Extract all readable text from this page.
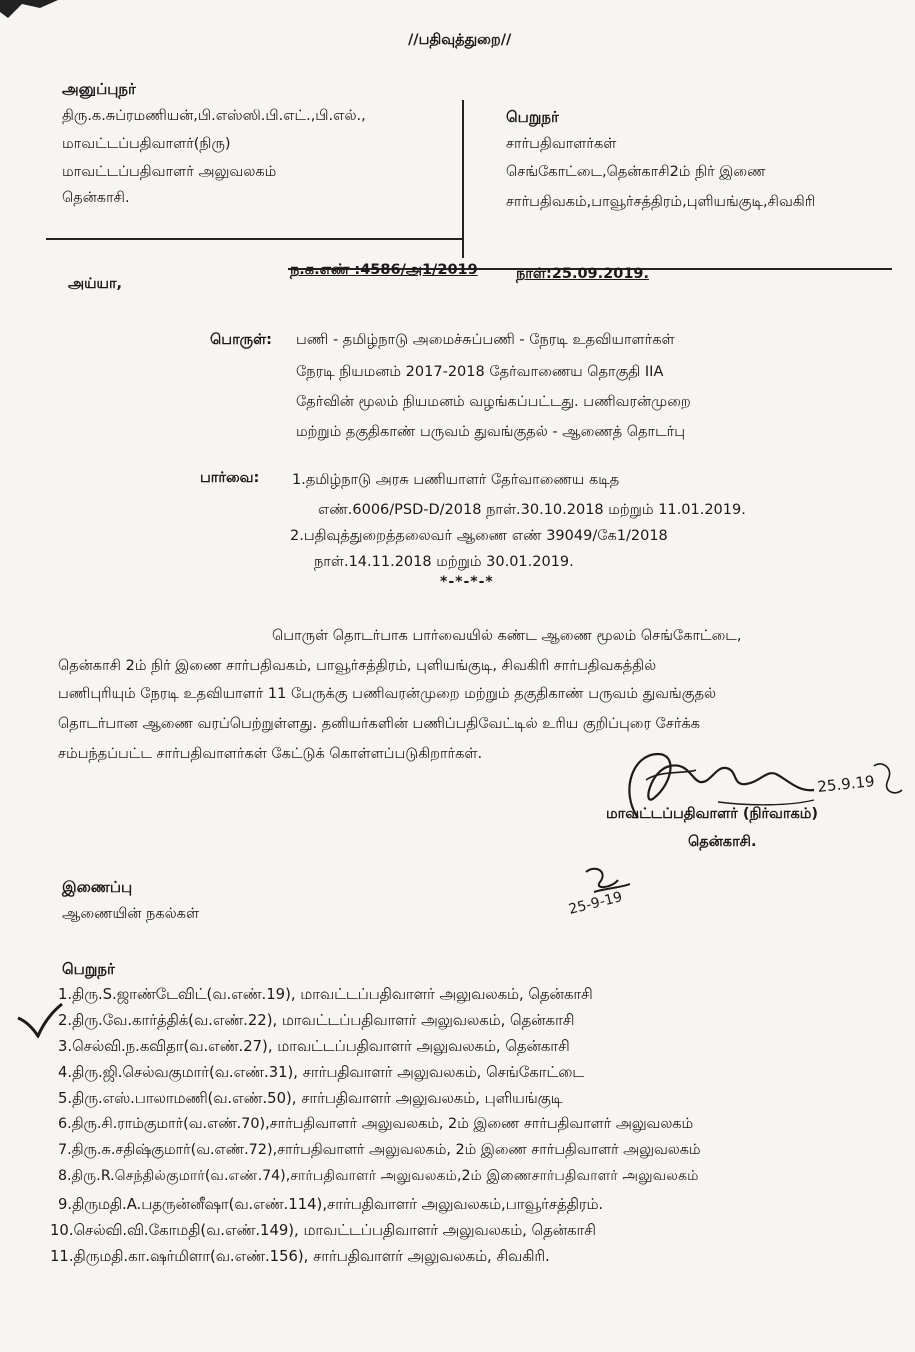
//பதிவுத்துறை//
அனுப்புநர்
திரு.க.சுப்ரமணியன்,பி.எஸ்ஸி.பி.எட்.,பி.எல்.,
மாவட்டப்பதிவாளர்(நிரு)
மாவட்டப்பதிவாளர் அலுவலகம்
தென்காசி.
பெறுநர்
சார்பதிவாளர்கள்
செங்கோட்டை,தென்காசி2ம் நிர் இணை
சார்பதிவகம்,பாவூர்சத்திரம்,புளியங்குடி,சிவகிரி
ந.க.எண் :4586/அ1/2019	நாள்:25.09.2019.
அய்யா,
பொருள்: பணி - தமிழ்நாடு அமைச்சுப்பணி - நேரடி உதவியாளர்கள்
நேரடி நியமனம் 2017-2018 தேர்வாணைய தொகுதி IIA
தேர்வின் மூலம் நியமனம் வழங்கப்பட்டது. பணிவரன்முறை
மற்றும் தகுதிகாண் பருவம் துவங்குதல் - ஆணைத் தொடர்பு
பார்வை: 1.தமிழ்நாடு அரசு பணியாளர் தேர்வாணைய கடித
எண்.6006/PSD-D/2018 நாள்.30.10.2018 மற்றும் 11.01.2019.
2.பதிவுத்துறைத்தலைவர் ஆணை எண் 39049/கே1/2018
நாள்.14.11.2018 மற்றும் 30.01.2019.
*-*-*-*
பொருள் தொடர்பாக பார்வையில் கண்ட ஆணை மூலம் செங்கோட்டை,
தென்காசி 2ம் நிர் இணை சார்பதிவகம், பாவூர்சத்திரம், புளியங்குடி, சிவகிரி சார்பதிவகத்தில்
பணிபுரியும் நேரடி உதவியாளர் 11 பேருக்கு பணிவரன்முறை மற்றும் தகுதிகாண் பருவம் துவங்குதல்
தொடர்பான ஆணை வரப்பெற்றுள்ளது. தனியர்களின் பணிப்பதிவேட்டில் உரிய குறிப்புரை சேர்க்க
சம்பந்தப்பட்ட சார்பதிவாளர்கள் கேட்டுக் கொள்ளப்படுகிறார்கள்.
25.9.19
மாவட்டப்பதிவாளர் (நிர்வாகம்)
தென்காசி.
25-9-19
இணைப்பு
ஆணையின் நகல்கள்
பெறுநர்
1.திரு.S.ஜாண்டேவிட்(வ.எண்.19), மாவட்டப்பதிவாளர் அலுவலகம், தென்காசி
2.திரு.வே.கார்த்திக்(வ.எண்.22), மாவட்டப்பதிவாளர் அலுவலகம், தென்காசி
3.செல்வி.ந.கவிதா(வ.எண்.27), மாவட்டப்பதிவாளர் அலுவலகம், தென்காசி
4.திரு.ஜி.செல்வகுமார்(வ.எண்.31), சார்பதிவாளர் அலுவலகம், செங்கோட்டை
5.திரு.எஸ்.பாலாமணி(வ.எண்.50), சார்பதிவாளர் அலுவலகம், புளியங்குடி
6.திரு.சி.ராம்குமார்(வ.எண்.70),சார்பதிவாளர் அலுவலகம், 2ம் இணை சார்பதிவாளர் அலுவலகம்
7.திரு.சு.சதிஷ்குமார்(வ.எண்.72),சார்பதிவாளர் அலுவலகம், 2ம் இணை சார்பதிவாளர் அலுவலகம்
8.திரு.R.செந்தில்குமார்(வ.எண்.74),சார்பதிவாளர் அலுவலகம்,2ம் இணைசார்பதிவாளர் அலுவலகம்
9.திருமதி.A.பதருன்னீஷா(வ.எண்.114),சார்பதிவாளர் அலுவலகம்,பாவூர்சத்திரம்.
10.செல்வி.வி.கோமதி(வ.எண்.149), மாவட்டப்பதிவாளர் அலுவலகம், தென்காசி
11.திருமதி.கா.ஷர்மிளா(வ.எண்.156), சார்பதிவாளர் அலுவலகம், சிவகிரி.
